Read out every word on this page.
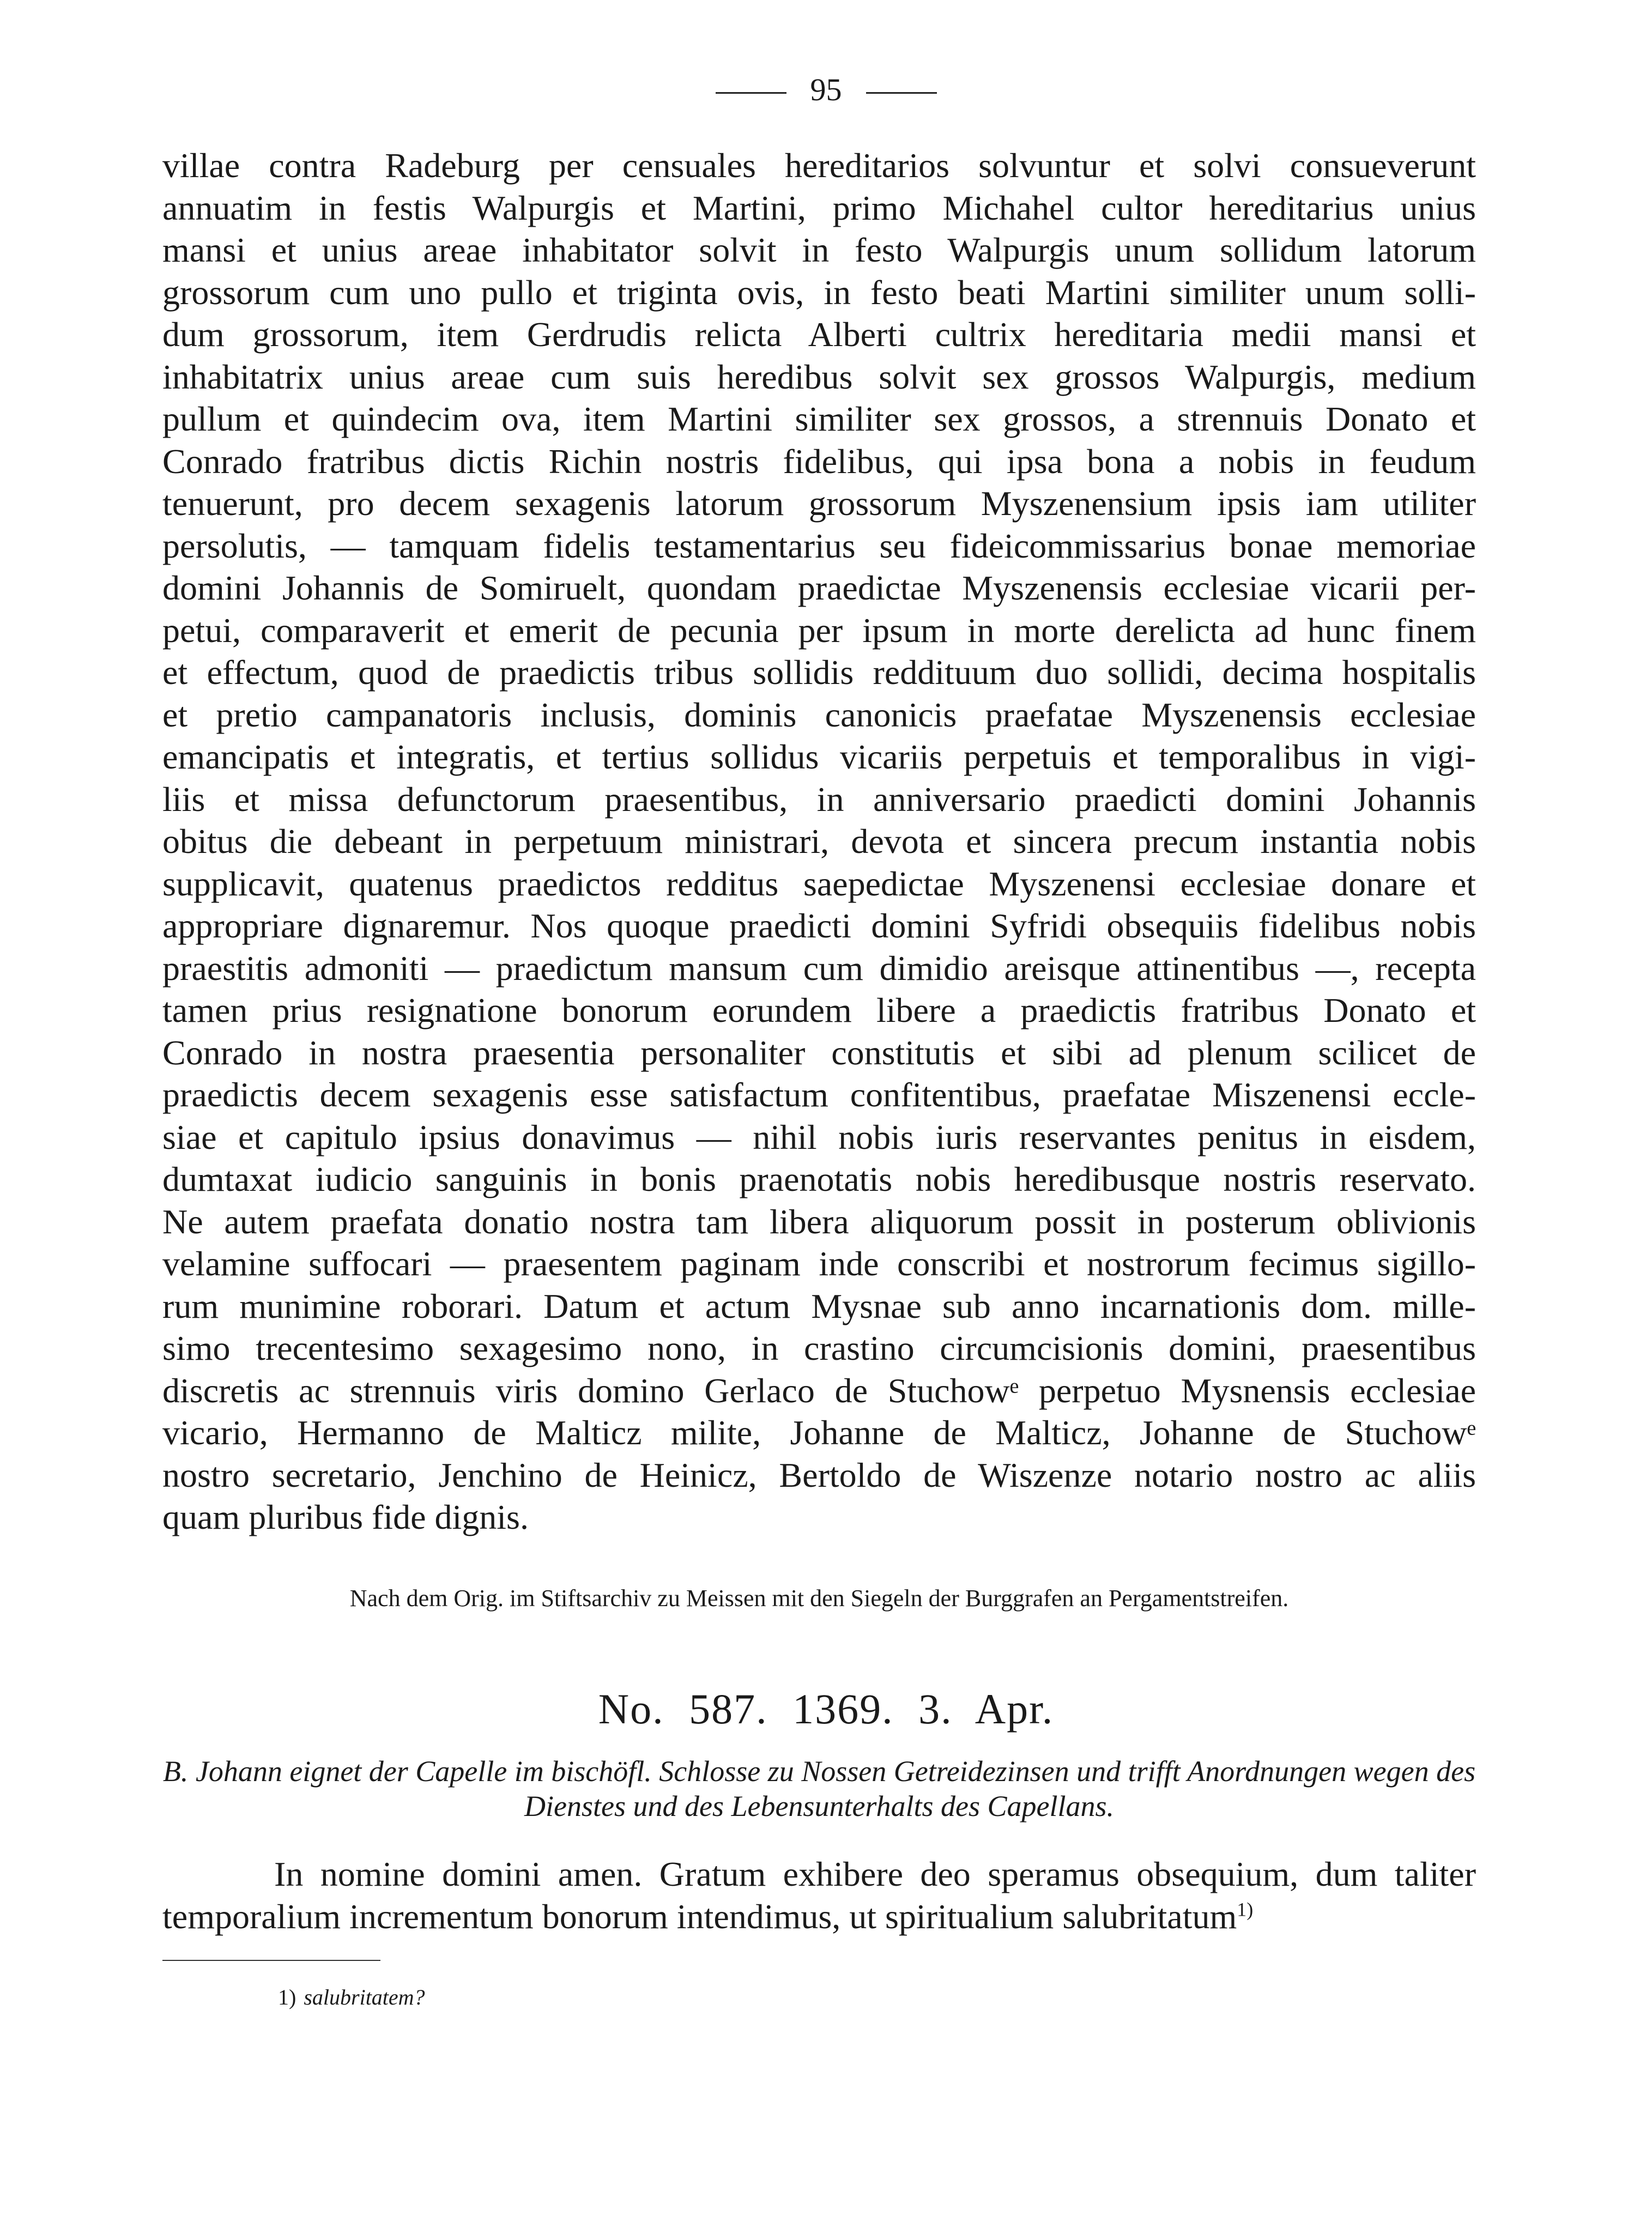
95

villae contra Radeburg per censuales hereditarios solvuntur et solvi consueverunt

annuatim in festis Walpurgis et Martini, primo Michahel cultor hereditarius unius

mansi et unius areae inhabitator solvit in festo Walpurgis unum sollidum latorum

grossorum cum uno pullo et triginta ovis, in festo beati Martini similiter unum solli-

dum grossorum, item Gerdrudis relicta Alberti cultrix hereditaria medii mansi et

inhabitatrix unius areae cum suis heredibus solvit sex grossos Walpurgis, medium

pullum et quindecim ova, item Martini similiter sex grossos, a strennuis Donato et

Conrado fratribus dictis Richin nostris fidelibus, qui ipsa bona a nobis in feudum

tenuerunt, pro decem sexagenis latorum grossorum Myszenensium ipsis iam utiliter

persolutis, — tamquam fidelis testamentarius seu fideicommissarius bonae memoriae

domini Johannis de Somiruelt, quondam praedictae Myszenensis ecclesiae vicarii per-

petui, comparaverit et emerit de pecunia per ipsum in morte derelicta ad hunc finem

et effectum, quod de praedictis tribus sollidis reddituum duo sollidi, decima hospitalis

et pretio campanatoris inclusis, dominis canonicis praefatae Myszenensis ecclesiae

emancipatis et integratis, et tertius sollidus vicariis perpetuis et temporalibus in vigi-

liis et missa defunctorum praesentibus, in anniversario praedicti domini Johannis

obitus die debeant in perpetuum ministrari, devota et sincera precum instantia nobis

supplicavit, quatenus praedictos redditus saepedictae Myszenensi ecclesiae donare et

appropriare dignaremur. Nos quoque praedicti domini Syfridi obsequiis fidelibus nobis

praestitis admoniti — praedictum mansum cum dimidio areisque attinentibus —, recepta

tamen prius resignatione bonorum eorundem libere a praedictis fratribus Donato et

Conrado in nostra praesentia personaliter constitutis et sibi ad plenum scilicet de

praedictis decem sexagenis esse satisfactum confitentibus, praefatae Miszenensi eccle-

siae et capitulo ipsius donavimus — nihil nobis iuris reservantes penitus in eisdem,

dumtaxat iudicio sanguinis in bonis praenotatis nobis heredibusque nostris reservato.

Ne autem praefata donatio nostra tam libera aliquorum possit in posterum oblivionis

velamine suffocari — praesentem paginam inde conscribi et nostrorum fecimus sigillo-

rum munimine roborari. Datum et actum Mysnae sub anno incarnationis dom. mille-

simo trecentesimo sexagesimo nono, in crastino circumcisionis domini, praesentibus

discretis ac strennuis viris domino Gerlaco de Stuchowᵉ perpetuo Mysnensis ecclesiae

vicario, Hermanno de Malticz milite, Johanne de Malticz, Johanne de Stuchowᵉ

nostro secretario, Jenchino de Heinicz, Bertoldo de Wiszenze notario nostro ac aliis

quam pluribus fide dignis.

Nach dem Orig. im Stiftsarchiv zu Meissen mit den Siegeln der Burggrafen an Pergamentstreifen.
No. 587. 1369. 3. Apr.
B. Johann eignet der Capelle im bischöfl. Schlosse zu Nossen Getreidezinsen und trifft Anordnungen wegen des Dienstes und des Lebensunterhalts des Capellans.
In nomine domini amen. Gratum exhibere deo speramus obsequium, dum taliter temporalium incrementum bonorum intendimus, ut spiritualium salubritatum$^{1)}$
1) salubritatem?
